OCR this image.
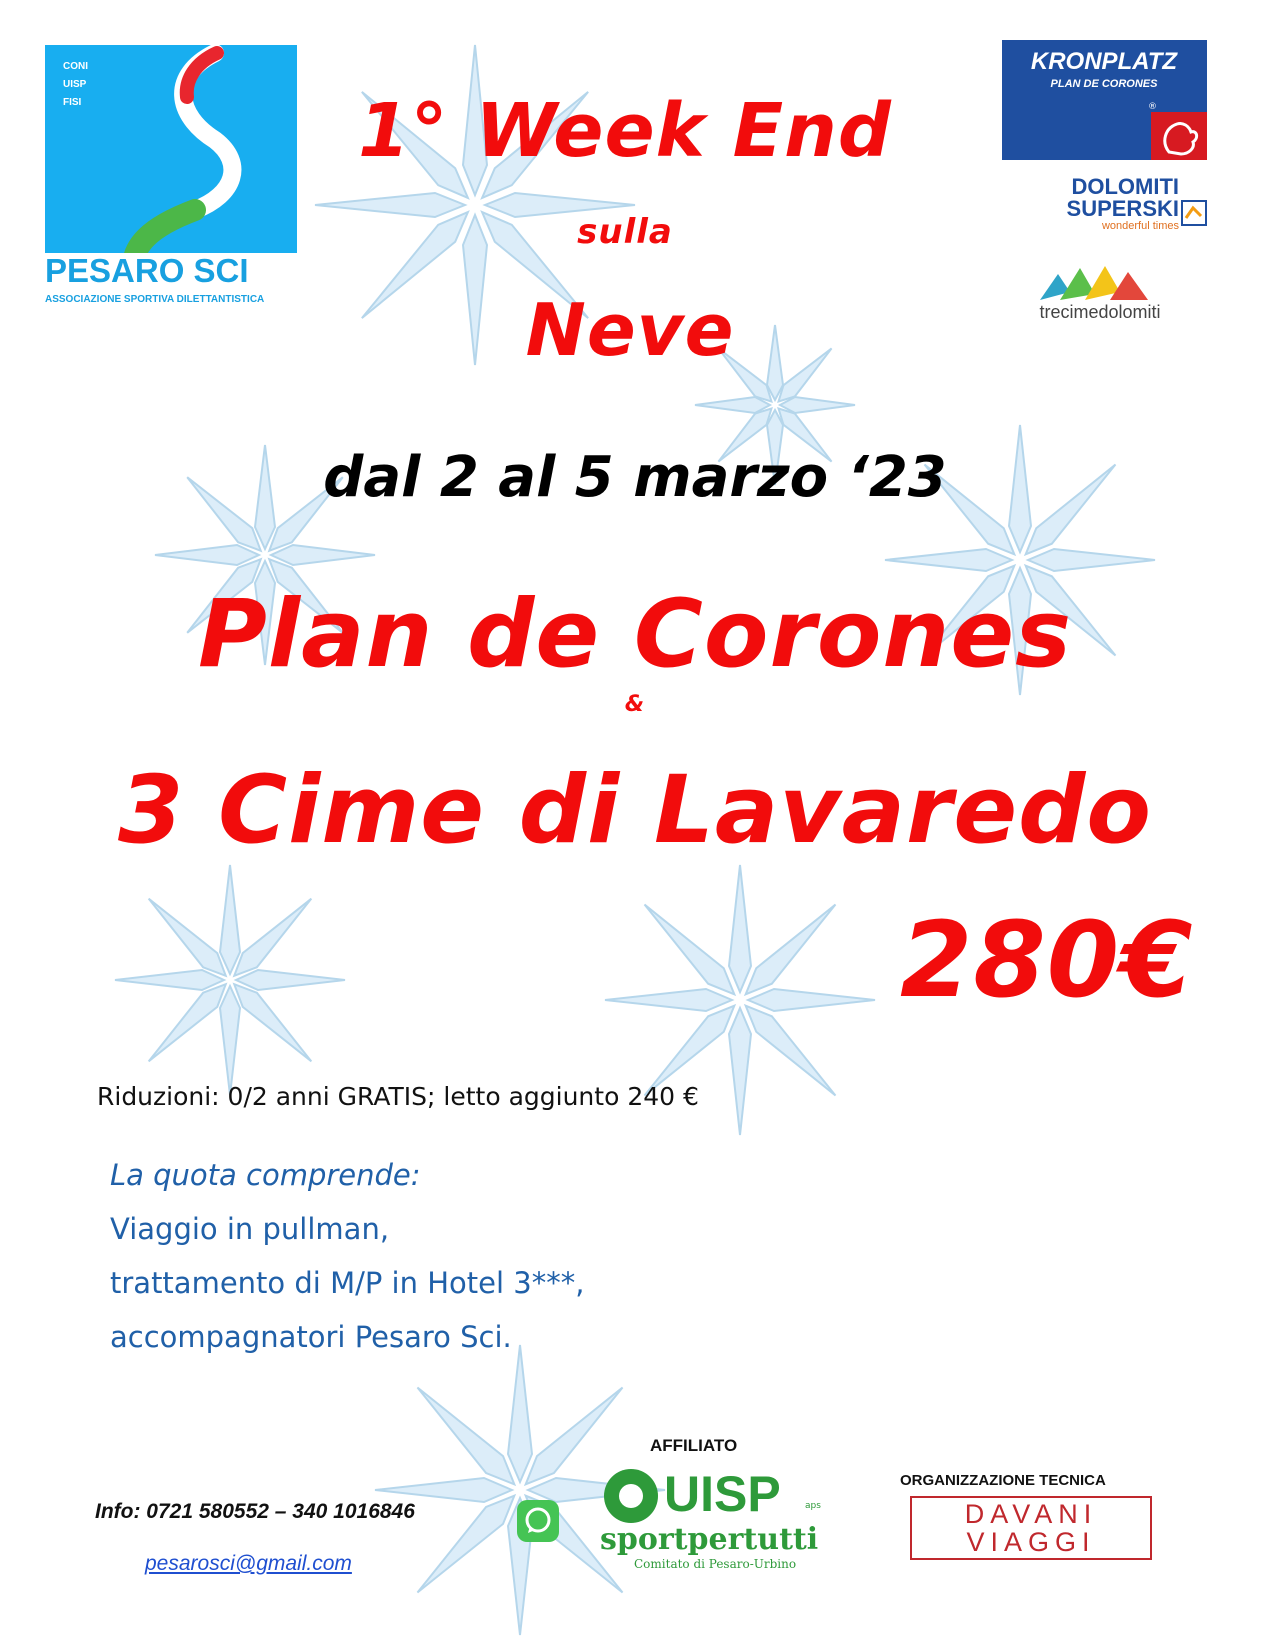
CONI
UISP
FISI
PESARO SCI
ASSOCIAZIONE SPORTIVA DILETTANTISTICA
KRONPLATZ
PLAN DE CORONES
®
DOLOMITI
SUPERSKI
wonderful times
trecimedolomiti
1° Week End
sulla
Neve
dal 2 al 5 marzo ‘23
Plan de Corones
&
3 Cime di Lavaredo
280€
Riduzioni: 0/2 anni GRATIS; letto aggiunto 240 €
La quota comprende:
Viaggio in pullman,
trattamento di M/P in Hotel 3***,
accompagnatori Pesaro Sci.
Info: 0721 580552 – 340 1016846
pesarosci@gmail.com
AFFILIATO
UISP	aps
sportpertutti
Comitato di Pesaro-Urbino
ORGANIZZAZIONE TECNICA
DAVANI
VIAGGI
